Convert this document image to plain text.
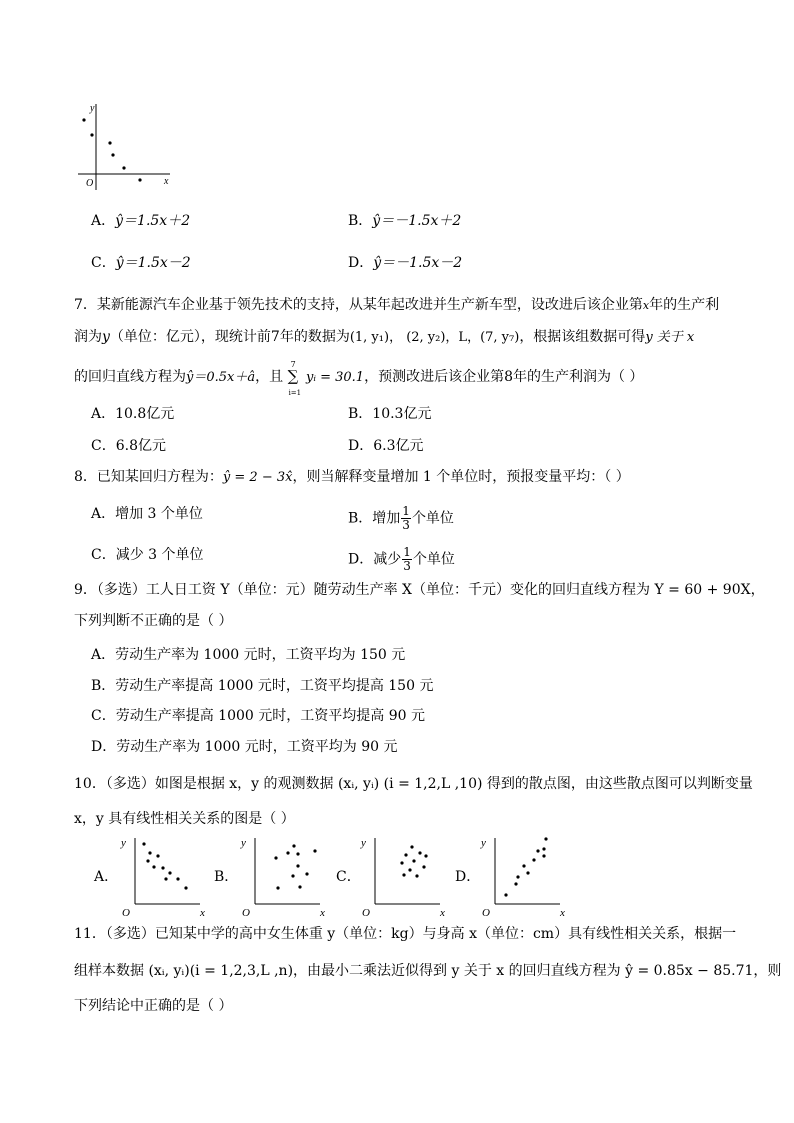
y
x
O
A．ŷ＝1.5x＋2	B．ŷ＝－1.5x＋2
C．ŷ＝1.5x－2	D．ŷ＝－1.5x－2
7．某新能源汽车企业基于领先技术的支持，从某年起改进并生产新车型，设改进后该企业第x年的生产利
润为y（单位：亿元），现统计前7年的数据为(1, y₁)， (2, y₂)，L，(7, y₇)，根据该组数据可得y 关于 x
的回归直线方程为ŷ＝0.5x＋â，且
7
∑
i=1
yᵢ = 30.1，预测改进后该企业第8年的生产利润为（ ）
A．10.8亿元	B．10.3亿元
C．6.8亿元	D．6.3亿元
8．已知某回归方程为：ŷ = 2 − 3x̂，则当解释变量增加 1 个单位时，预报变量平均：（ ）
A．增加 3 个单位	B．增加 $\frac{1}{3}$ 个单位
C．减少 3 个单位	D．减少 $\frac{1}{3}$ 个单位
9．（多选）工人日工资 Y（单位：元）随劳动生产率 X（单位：千元）变化的回归直线方程为 Y = 60 + 90X，
下列判断不正确的是（ ）
A．劳动生产率为 1000 元时，工资平均为 150 元
B．劳动生产率提高 1000 元时，工资平均提高 150 元
C．劳动生产率提高 1000 元时，工资平均提高 90 元
D．劳动生产率为 1000 元时，工资平均为 90 元
10．（多选）如图是根据 x，y 的观测数据 (xᵢ, yᵢ) (i = 1,2,L ,10) 得到的散点图，由这些散点图可以判断变量
x，y 具有线性相关关系的图是（ ）
A．
y
x
O
B．
y
x
O
C．
y
x
O
D．
y
x
O
11．（多选）已知某中学的高中女生体重 y（单位：kg）与身高 x（单位：cm）具有线性相关关系，根据一
组样本数据 (xᵢ, yᵢ)(i = 1,2,3,L ,n)，由最小二乘法近似得到 y 关于 x 的回归直线方程为 ŷ = 0.85x − 85.71，则
下列结论中正确的是（ ）
